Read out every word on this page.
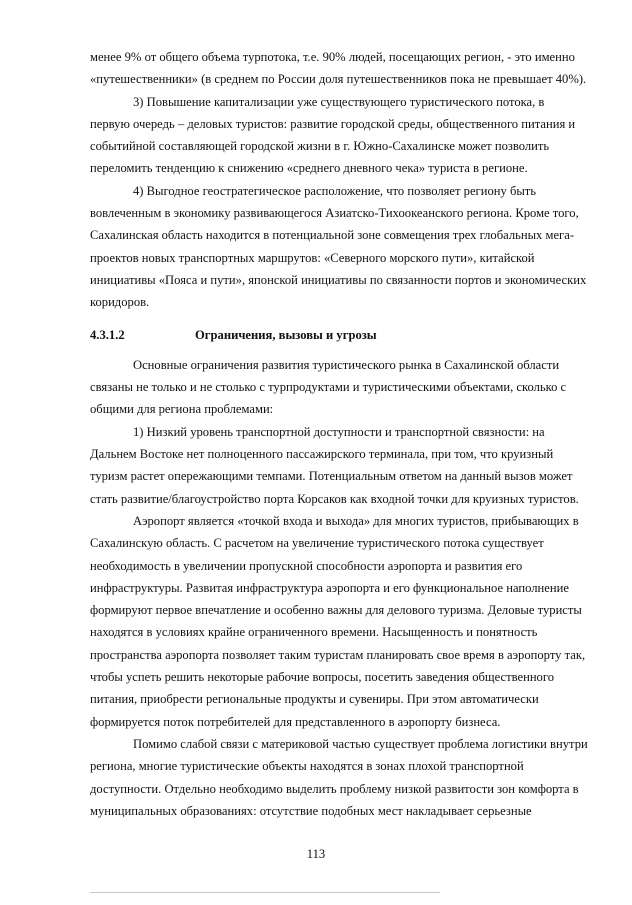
менее 9% от общего объема турпотока, т.е. 90% людей, посещающих регион, - это именно
«путешественники» (в среднем по России доля путешественников пока не превышает 40%).

3) Повышение капитализации уже существующего туристического потока, в
первую очередь – деловых туристов: развитие городской среды, общественного питания и
событийной составляющей городской жизни в г. Южно-Сахалинске может позволить
переломить тенденцию к снижению «среднего дневного чека» туриста в регионе.

4) Выгодное геостратегическое расположение, что позволяет региону быть
вовлеченным в экономику развивающегося Азиатско-Тихоокеанского региона. Кроме того,
Сахалинская область находится в потенциальной зоне совмещения трех глобальных мега-
проектов новых транспортных маршрутов: «Северного морского пути», китайской
инициативы «Пояса и пути», японской инициативы по связанности портов и экономических
коридоров.

4.3.1.2	Ограничения, вызовы и угрозы

Основные ограничения развития туристического рынка в Сахалинской области
связаны не только и не столько с турпродуктами и туристическими объектами, сколько с
общими для региона проблемами:

1) Низкий уровень транспортной доступности и транспортной связности: на
Дальнем Востоке нет полноценного пассажирского терминала, при том, что круизный
туризм растет опережающими темпами. Потенциальным ответом на данный вызов может
стать развитие/благоустройство порта Корсаков как входной точки для круизных туристов.

Аэропорт является «точкой входа и выхода» для многих туристов, прибывающих в
Сахалинскую область. С расчетом на увеличение туристического потока существует
необходимость в увеличении пропускной способности аэропорта и развития его
инфраструктуры. Развитая инфраструктура аэропорта и его функциональное наполнение
формируют первое впечатление и особенно важны для делового туризма. Деловые туристы
находятся в условиях крайне ограниченного времени. Насыщенность и понятность
пространства аэропорта позволяет таким туристам планировать свое время в аэропорту так,
чтобы успеть решить некоторые рабочие вопросы, посетить заведения общественного
питания, приобрести региональные продукты и сувениры. При этом автоматически
формируется поток потребителей для представленного в аэропорту бизнеса.

Помимо слабой связи с материковой частью существует проблема логистики внутри
региона, многие туристические объекты находятся в зонах плохой транспортной
доступности. Отдельно необходимо выделить проблему низкой развитости зон комфорта в
муниципальных образованиях: отсутствие подобных мест накладывает серьезные

113
